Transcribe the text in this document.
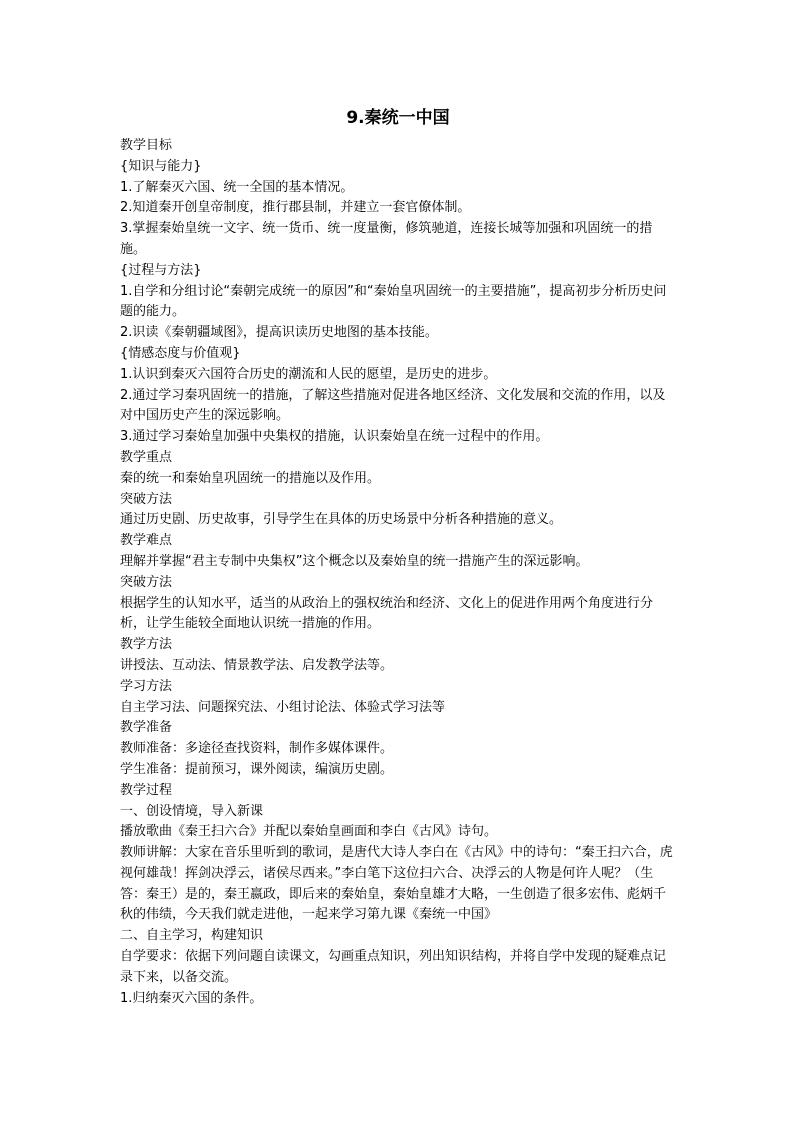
9.秦统一中国

教学目标

{知识与能力}

1.了解秦灭六国、统一全国的基本情况。

2.知道秦开创皇帝制度，推行郡县制，并建立一套官僚体制。

3.掌握秦始皇统一文字、统一货币、统一度量衡，修筑驰道，连接长城等加强和巩固统一的措施。

{过程与方法}

1.自学和分组讨论“秦朝完成统一的原因”和“秦始皇巩固统一的主要措施”，提高初步分析历史问题的能力。

2.识读《秦朝疆域图》，提高识读历史地图的基本技能。

{情感态度与价值观}

1.认识到秦灭六国符合历史的潮流和人民的愿望，是历史的进步。

2.通过学习秦巩固统一的措施，了解这些措施对促进各地区经济、文化发展和交流的作用，以及对中国历史产生的深远影响。

3.通过学习秦始皇加强中央集权的措施，认识秦始皇在统一过程中的作用。

教学重点

秦的统一和秦始皇巩固统一的措施以及作用。

突破方法

通过历史剧、历史故事，引导学生在具体的历史场景中分析各种措施的意义。

教学难点

理解并掌握“君主专制中央集权”这个概念以及秦始皇的统一措施产生的深远影响。

突破方法

根据学生的认知水平，适当的从政治上的强权统治和经济、文化上的促进作用两个角度进行分析，让学生能较全面地认识统一措施的作用。

教学方法

讲授法、互动法、情景教学法、启发教学法等。

学习方法

自主学习法、问题探究法、小组讨论法、体验式学习法等

教学准备

教师准备：多途径查找资料，制作多媒体课件。

学生准备：提前预习，课外阅读，编演历史剧。

教学过程

一、创设情境，导入新课

播放歌曲《秦王扫六合》并配以秦始皇画面和李白《古风》诗句。

教师讲解：大家在音乐里听到的歌词，是唐代大诗人李白在《古风》中的诗句：“秦王扫六合，虎视何雄哉！挥剑决浮云，诸侯尽西来。”李白笔下这位扫六合、决浮云的人物是何许人呢？（生答：秦王）是的，秦王嬴政，即后来的秦始皇，秦始皇雄才大略，一生创造了很多宏伟、彪炳千秋的伟绩，今天我们就走进他，一起来学习第九课《秦统一中国》

二、自主学习，构建知识

自学要求：依据下列问题自读课文，勾画重点知识，列出知识结构，并将自学中发现的疑难点记录下来，以备交流。

1.归纳秦灭六国的条件。
